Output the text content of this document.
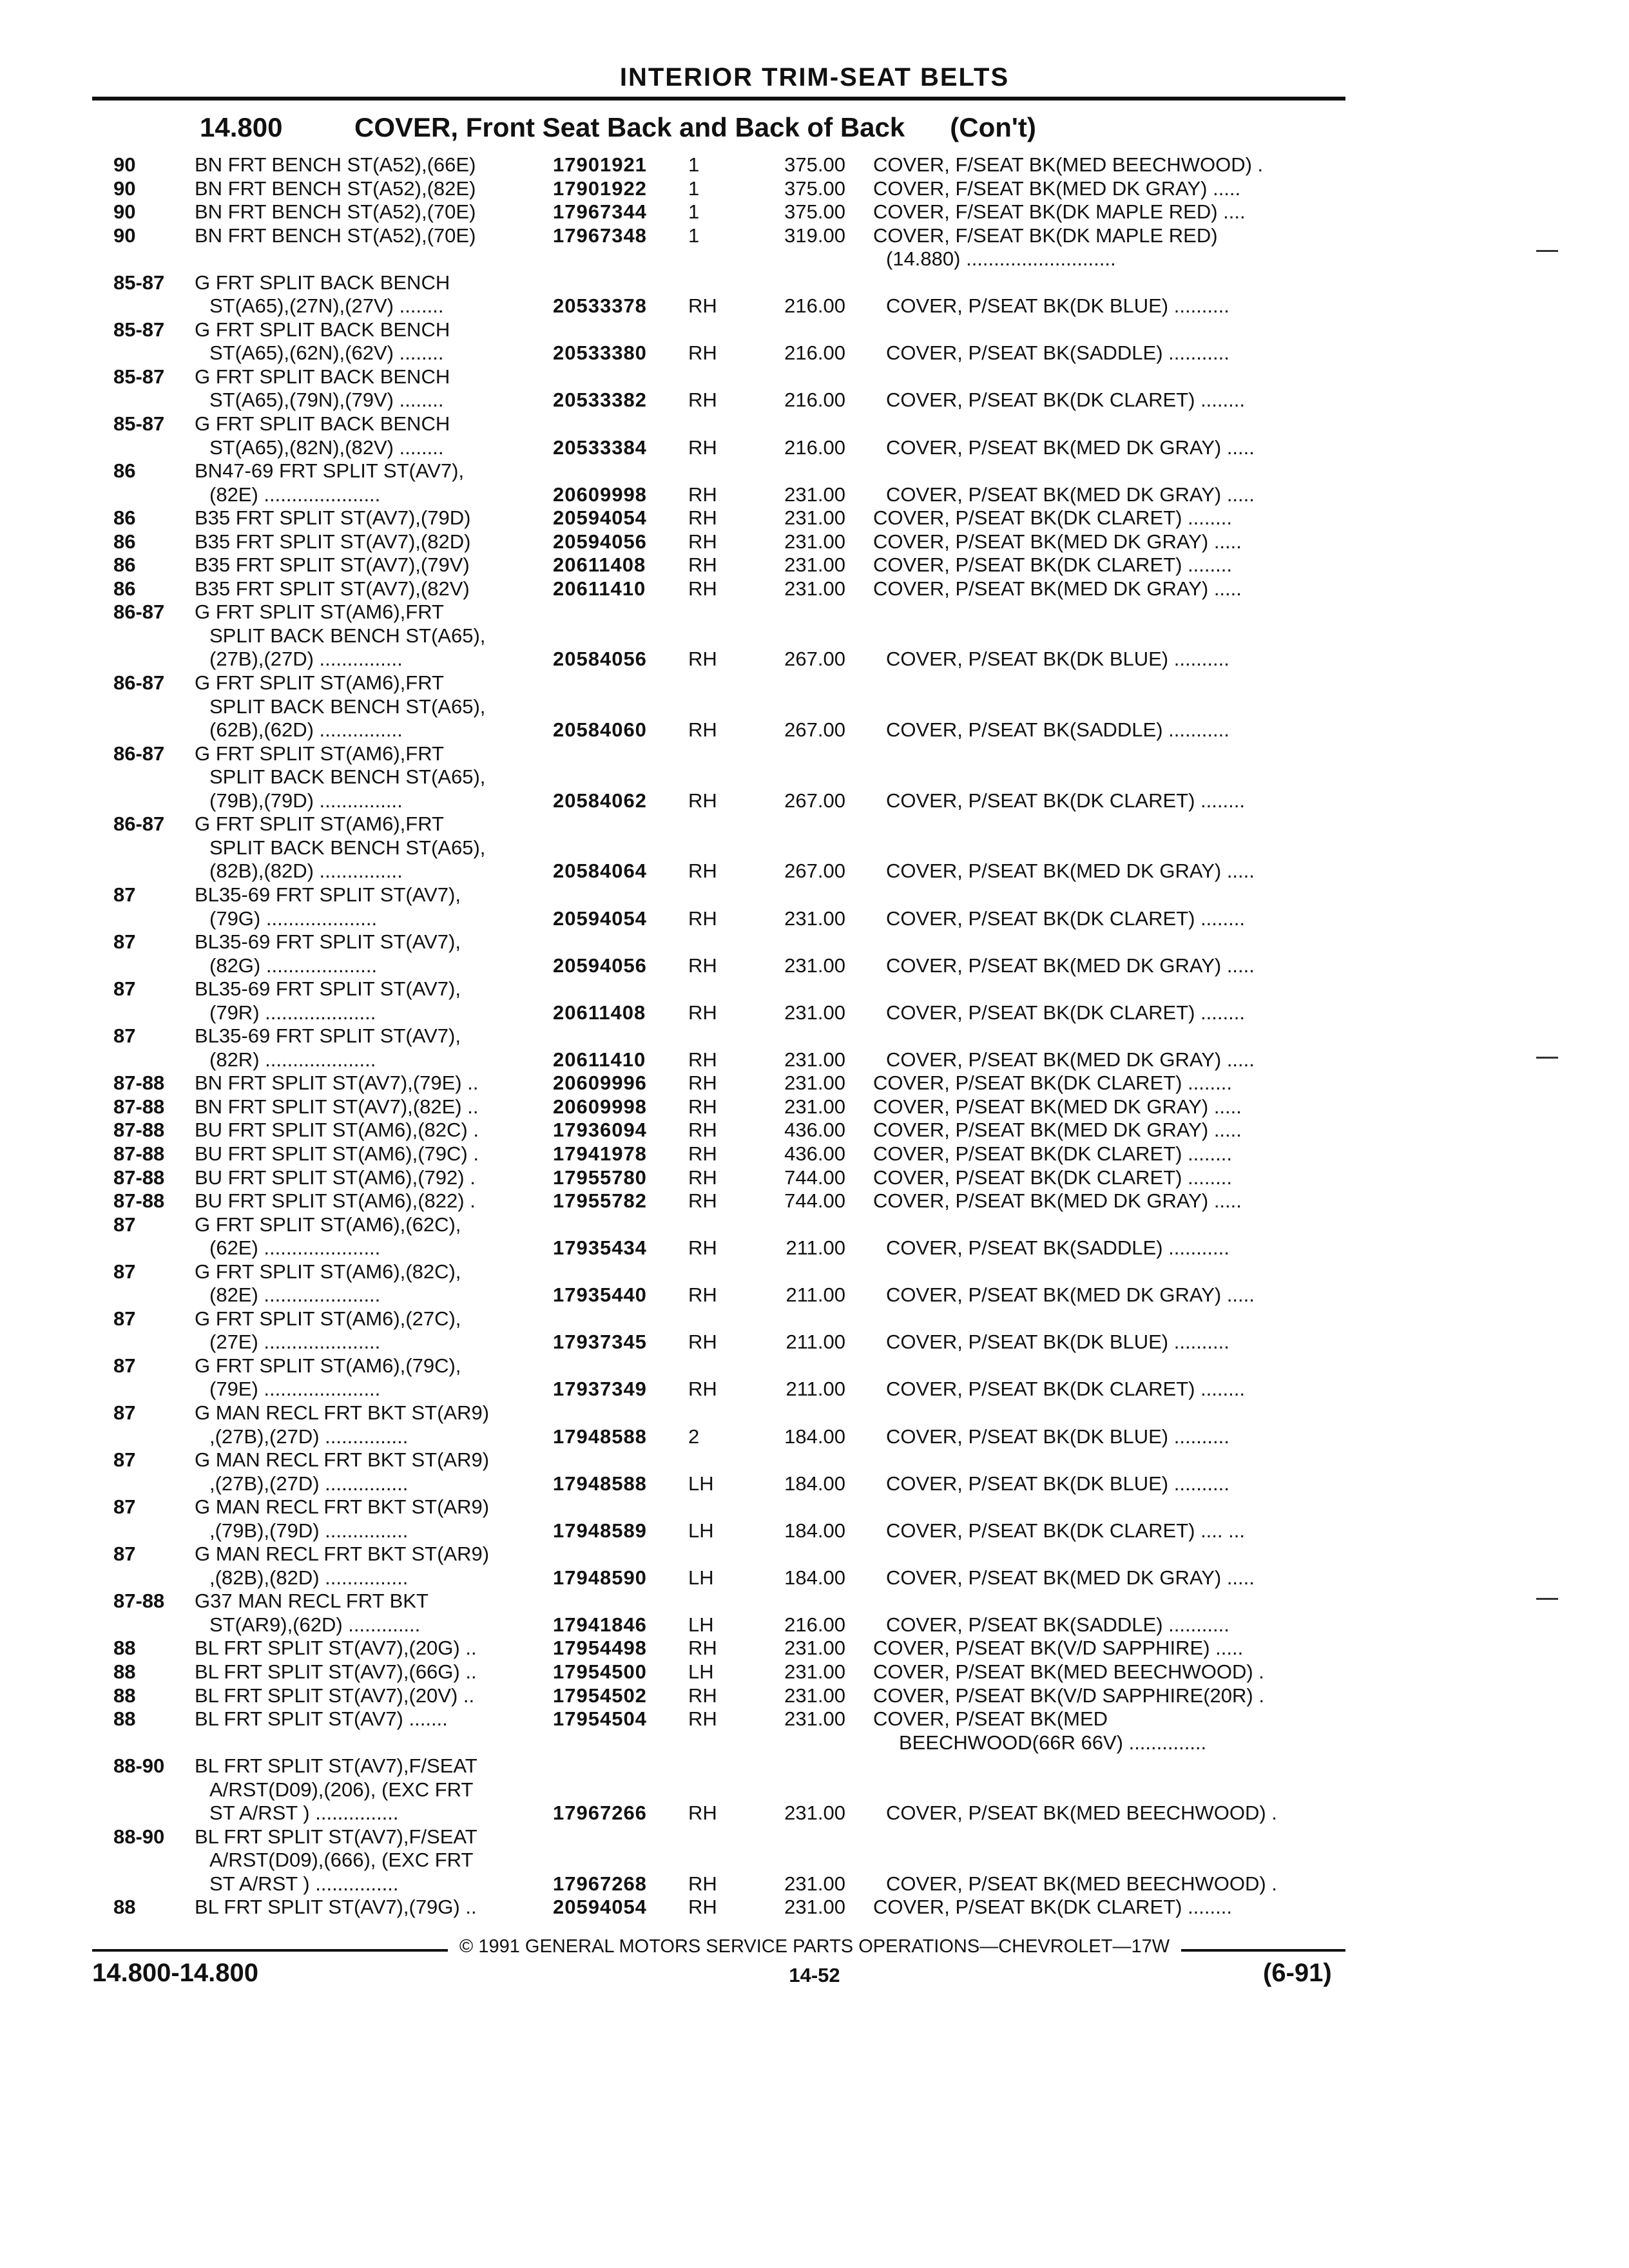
INTERIOR TRIM-SEAT BELTS
14.800	COVER, Front Seat Back and Back of Back (Con't)
90	BN FRT BENCH ST(A52),(66E)	17901921 1	375.00 COVER, F/SEAT BK(MED BEECHWOOD) .
90	BN FRT BENCH ST(A52),(82E)	17901922 1	375.00 COVER, F/SEAT BK(MED DK GRAY) .....
90	BN FRT BENCH ST(A52),(70E)	17967344 1	375.00 COVER, F/SEAT BK(DK MAPLE RED) ....
90	BN FRT BENCH ST(A52),(70E)	17967348 1	319.00 COVER, F/SEAT BK(DK MAPLE RED)
(14.880) ...........................
85-87 G FRT SPLIT BACK BENCH
ST(A65),(27N),(27V) ........	20533378 RH	216.00 COVER, P/SEAT BK(DK BLUE) ..........
85-87 G FRT SPLIT BACK BENCH
ST(A65),(62N),(62V) ........	20533380 RH	216.00 COVER, P/SEAT BK(SADDLE) ...........
85-87 G FRT SPLIT BACK BENCH
ST(A65),(79N),(79V) ........	20533382 RH	216.00 COVER, P/SEAT BK(DK CLARET) ........
85-87 G FRT SPLIT BACK BENCH
ST(A65),(82N),(82V) ........	20533384 RH	216.00 COVER, P/SEAT BK(MED DK GRAY) .....
86	BN47-69 FRT SPLIT ST(AV7),
(82E) .....................	20609998 RH	231.00 COVER, P/SEAT BK(MED DK GRAY) .....
86	B35 FRT SPLIT ST(AV7),(79D)	20594054 RH	231.00 COVER, P/SEAT BK(DK CLARET) ........
86	B35 FRT SPLIT ST(AV7),(82D)	20594056 RH	231.00 COVER, P/SEAT BK(MED DK GRAY) .....
86	B35 FRT SPLIT ST(AV7),(79V)	20611408 RH	231.00 COVER, P/SEAT BK(DK CLARET) ........
86	B35 FRT SPLIT ST(AV7),(82V)	20611410 RH	231.00 COVER, P/SEAT BK(MED DK GRAY) .....
86-87 G FRT SPLIT ST(AM6),FRT
SPLIT BACK BENCH ST(A65),
(27B),(27D) ...............	20584056 RH	267.00 COVER, P/SEAT BK(DK BLUE) ..........
86-87 G FRT SPLIT ST(AM6),FRT
SPLIT BACK BENCH ST(A65),
(62B),(62D) ...............	20584060 RH	267.00 COVER, P/SEAT BK(SADDLE) ...........
86-87 G FRT SPLIT ST(AM6),FRT
SPLIT BACK BENCH ST(A65),
(79B),(79D) ...............	20584062 RH	267.00 COVER, P/SEAT BK(DK CLARET) ........
86-87 G FRT SPLIT ST(AM6),FRT
SPLIT BACK BENCH ST(A65),
(82B),(82D) ...............	20584064 RH	267.00 COVER, P/SEAT BK(MED DK GRAY) .....
87	BL35-69 FRT SPLIT ST(AV7),
(79G) ....................	20594054 RH	231.00 COVER, P/SEAT BK(DK CLARET) ........
87	BL35-69 FRT SPLIT ST(AV7),
(82G) ....................	20594056 RH	231.00 COVER, P/SEAT BK(MED DK GRAY) .....
87	BL35-69 FRT SPLIT ST(AV7),
(79R) ....................	20611408 RH	231.00 COVER, P/SEAT BK(DK CLARET) ........
87	BL35-69 FRT SPLIT ST(AV7),
(82R) ....................	20611410 RH	231.00 COVER, P/SEAT BK(MED DK GRAY) .....
87-88 BN FRT SPLIT ST(AV7),(79E) ..	20609996 RH	231.00 COVER, P/SEAT BK(DK CLARET) ........
87-88 BN FRT SPLIT ST(AV7),(82E) ..	20609998 RH	231.00 COVER, P/SEAT BK(MED DK GRAY) .....
87-88 BU FRT SPLIT ST(AM6),(82C) .	17936094 RH	436.00 COVER, P/SEAT BK(MED DK GRAY) .....
87-88 BU FRT SPLIT ST(AM6),(79C) .	17941978 RH	436.00 COVER, P/SEAT BK(DK CLARET) ........
87-88 BU FRT SPLIT ST(AM6),(792) .	17955780 RH	744.00 COVER, P/SEAT BK(DK CLARET) ........
87-88 BU FRT SPLIT ST(AM6),(822) .	17955782 RH	744.00 COVER, P/SEAT BK(MED DK GRAY) .....
87	G FRT SPLIT ST(AM6),(62C),
(62E) .....................	17935434 RH	211.00 COVER, P/SEAT BK(SADDLE) ...........
87	G FRT SPLIT ST(AM6),(82C),
(82E) .....................	17935440 RH	211.00 COVER, P/SEAT BK(MED DK GRAY) .....
87	G FRT SPLIT ST(AM6),(27C),
(27E) .....................	17937345 RH	211.00 COVER, P/SEAT BK(DK BLUE) ..........
87	G FRT SPLIT ST(AM6),(79C),
(79E) .....................	17937349 RH	211.00 COVER, P/SEAT BK(DK CLARET) ........
87	G MAN RECL FRT BKT ST(AR9)
,(27B),(27D) ...............	17948588 2	184.00 COVER, P/SEAT BK(DK BLUE) ..........
87	G MAN RECL FRT BKT ST(AR9)
,(27B),(27D) ...............	17948588 LH	184.00 COVER, P/SEAT BK(DK BLUE) ..........
87	G MAN RECL FRT BKT ST(AR9)
,(79B),(79D) ...............	17948589 LH	184.00 COVER, P/SEAT BK(DK CLARET) .... ...
87	G MAN RECL FRT BKT ST(AR9)
,(82B),(82D) ...............	17948590 LH	184.00 COVER, P/SEAT BK(MED DK GRAY) .....
87-88 G37 MAN RECL FRT BKT
ST(AR9),(62D) .............	17941846 LH	216.00 COVER, P/SEAT BK(SADDLE) ...........
88	BL FRT SPLIT ST(AV7),(20G) ..	17954498 RH	231.00 COVER, P/SEAT BK(V/D SAPPHIRE) .....
88	BL FRT SPLIT ST(AV7),(66G) ..	17954500 LH	231.00 COVER, P/SEAT BK(MED BEECHWOOD) .
88	BL FRT SPLIT ST(AV7),(20V) ..	17954502 RH	231.00 COVER, P/SEAT BK(V/D SAPPHIRE(20R) .
88	BL FRT SPLIT ST(AV7) .......	17954504 RH	231.00 COVER, P/SEAT BK(MED
BEECHWOOD(66R 66V) ..............
88-90 BL FRT SPLIT ST(AV7),F/SEAT
A/RST(D09),(206), (EXC FRT
ST A/RST ) ...............	17967266 RH	231.00 COVER, P/SEAT BK(MED BEECHWOOD) .
88-90 BL FRT SPLIT ST(AV7),F/SEAT
A/RST(D09),(666), (EXC FRT
ST A/RST ) ...............	17967268 RH	231.00 COVER, P/SEAT BK(MED BEECHWOOD) .
88	BL FRT SPLIT ST(AV7),(79G) ..	20594054 RH	231.00 COVER, P/SEAT BK(DK CLARET) ........
© 1991 GENERAL MOTORS SERVICE PARTS OPERATIONS—CHEVROLET—17W
14.800-14.800	14-52	(6-91)
